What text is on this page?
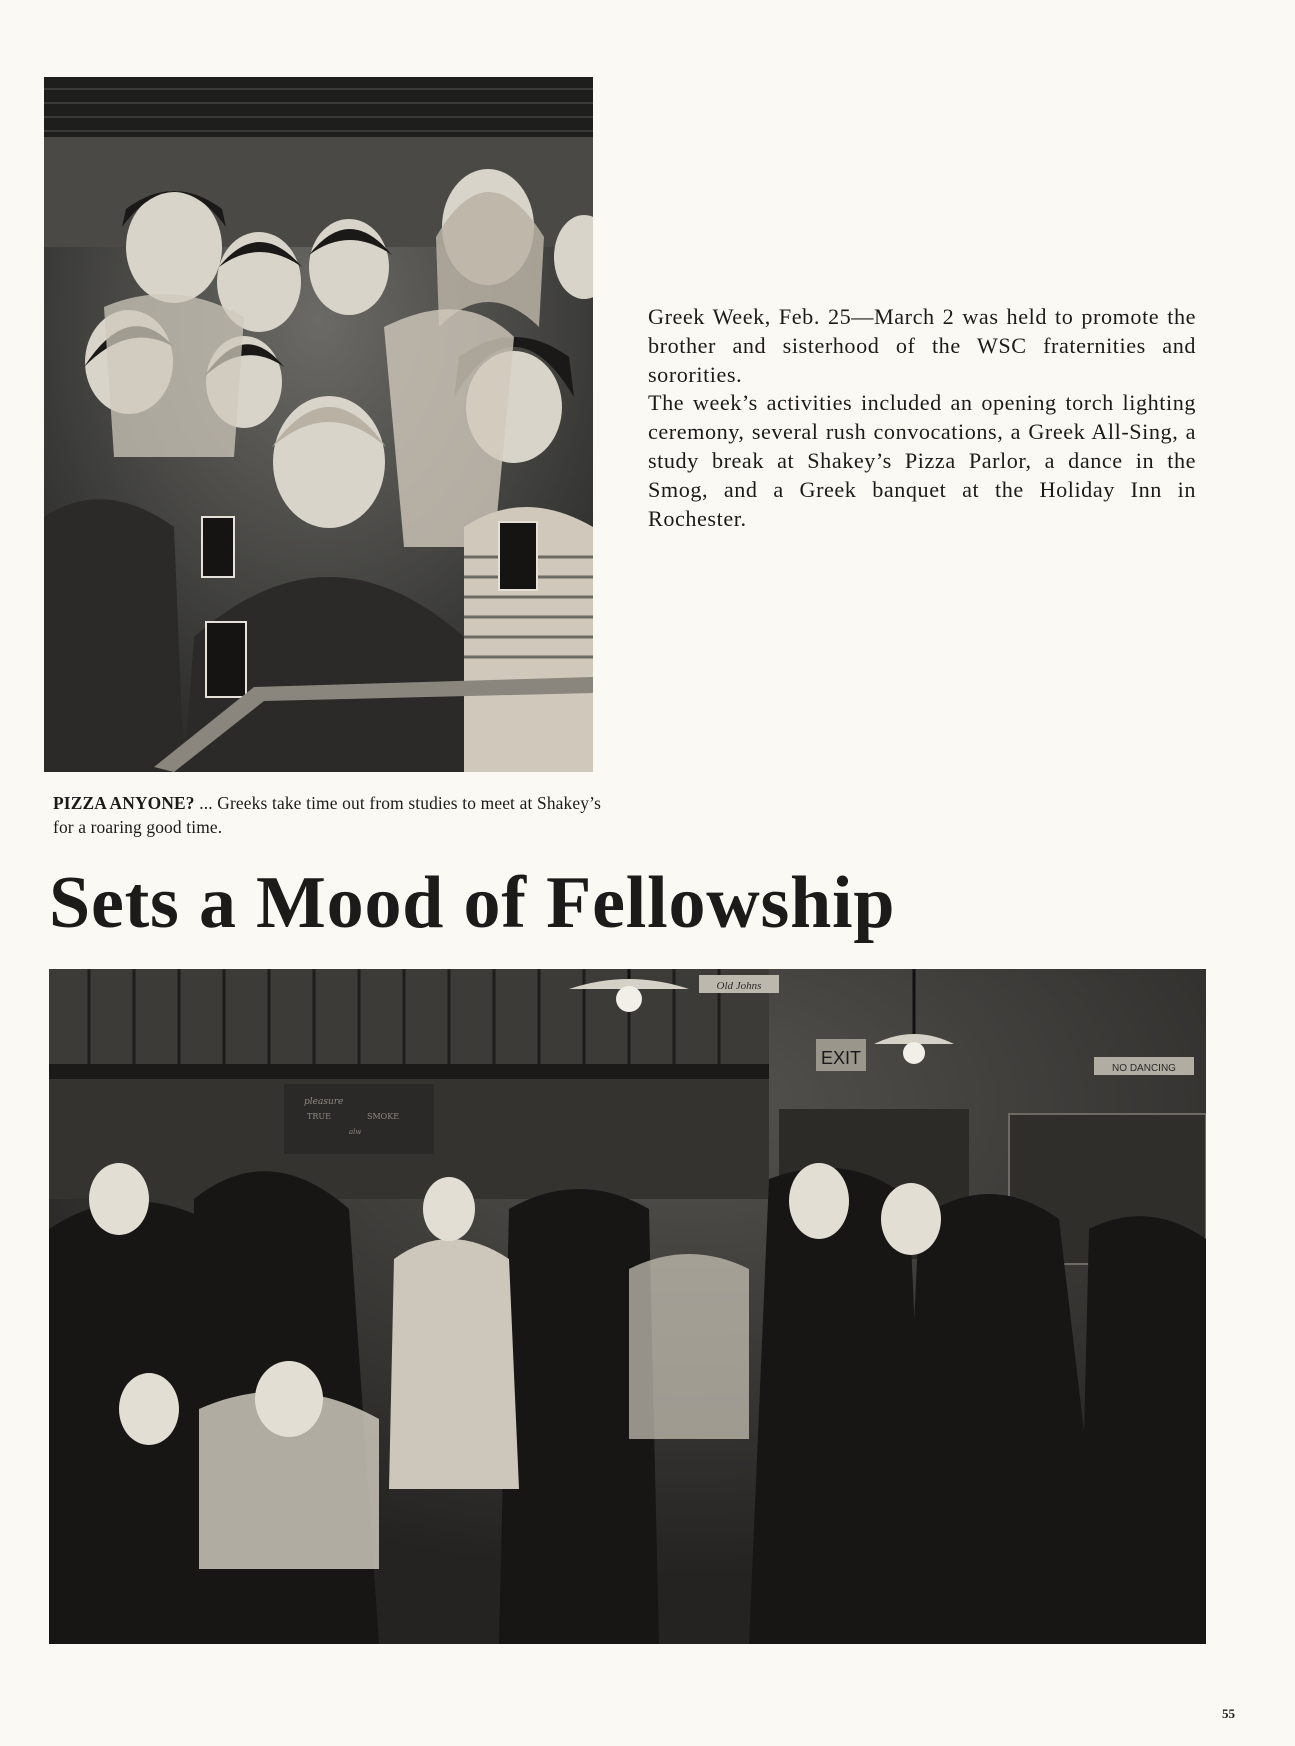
Greek Week, Feb. 25—March 2 was held to promote the brother and sisterhood of the WSC fraternities and sororities.

The week’s activities included an opening torch lighting ceremony, several rush convocations, a Greek All-Sing, a study break at Shakey’s Pizza Parlor, a dance in the Smog, and a Greek banquet at the Holiday Inn in Rochester.

PIZZA ANYONE? ... Greeks take time out from studies to meet at Shakey’s for a roaring good time.

Sets a Mood of Fellowship
EXIT
NO DANCING
Old Johns
pleasure
TRUE	SMOKE
alw
55
